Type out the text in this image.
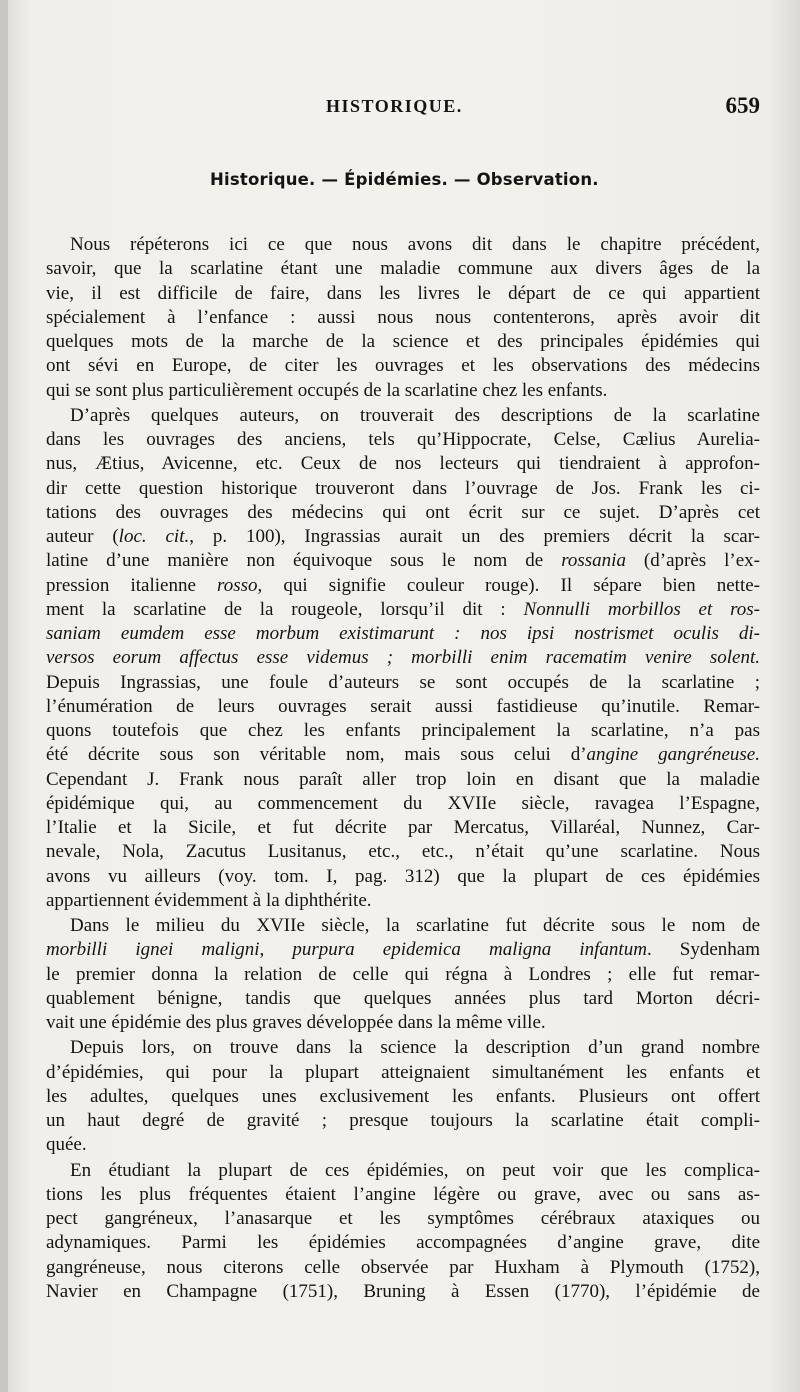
HISTORIQUE.	659
Historique. — Épidémies. — Observation.
Nous répéterons ici ce que nous avons dit dans le chapitre précédent,
savoir, que la scarlatine étant une maladie commune aux divers âges de la
vie, il est difficile de faire, dans les livres le départ de ce qui appartient
spécialement à l’enfance : aussi nous nous contenterons, après avoir dit
quelques mots de la marche de la science et des principales épidémies qui
ont sévi en Europe, de citer les ouvrages et les observations des médecins
qui se sont plus particulièrement occupés de la scarlatine chez les enfants.
D’après quelques auteurs, on trouverait des descriptions de la scarlatine
dans les ouvrages des anciens, tels qu’Hippocrate, Celse, Cælius Aurelia-
nus, Ætius, Avicenne, etc. Ceux de nos lecteurs qui tiendraient à approfon-
dir cette question historique trouveront dans l’ouvrage de Jos. Frank les ci-
tations des ouvrages des médecins qui ont écrit sur ce sujet. D’après cet
auteur (loc. cit., p. 100), Ingrassias aurait un des premiers décrit la scar-
latine d’une manière non équivoque sous le nom de rossania (d’après l’ex-
pression italienne rosso, qui signifie couleur rouge). Il sépare bien nette-
ment la scarlatine de la rougeole, lorsqu’il dit : Nonnulli morbillos et ros-
saniam eumdem esse morbum existimarunt : nos ipsi nostrismet oculis di-
versos eorum affectus esse videmus ; morbilli enim racematim venire solent.
Depuis Ingrassias, une foule d’auteurs se sont occupés de la scarlatine ;
l’énumération de leurs ouvrages serait aussi fastidieuse qu’inutile. Remar-
quons toutefois que chez les enfants principalement la scarlatine, n’a pas
été décrite sous son véritable nom, mais sous celui d’angine gangréneuse.
Cependant J. Frank nous paraît aller trop loin en disant que la maladie
épidémique qui, au commencement du XVIIe siècle, ravagea l’Espagne,
l’Italie et la Sicile, et fut décrite par Mercatus, Villaréal, Nunnez, Car-
nevale, Nola, Zacutus Lusitanus, etc., etc., n’était qu’une scarlatine. Nous
avons vu ailleurs (voy. tom. I, pag. 312) que la plupart de ces épidémies
appartiennent évidemment à la diphthérite.
Dans le milieu du XVIIe siècle, la scarlatine fut décrite sous le nom de
morbilli ignei maligni, purpura epidemica maligna infantum. Sydenham
le premier donna la relation de celle qui régna à Londres ; elle fut remar-
quablement bénigne, tandis que quelques années plus tard Morton décri-
vait une épidémie des plus graves développée dans la même ville.
Depuis lors, on trouve dans la science la description d’un grand nombre
d’épidémies, qui pour la plupart atteignaient simultanément les enfants et
les adultes, quelques unes exclusivement les enfants. Plusieurs ont offert
un haut degré de gravité ; presque toujours la scarlatine était compli-
quée.
En étudiant la plupart de ces épidémies, on peut voir que les complica-
tions les plus fréquentes étaient l’angine légère ou grave, avec ou sans as-
pect gangréneux, l’anasarque et les symptômes cérébraux ataxiques ou
adynamiques. Parmi les épidémies accompagnées d’angine grave, dite
gangréneuse, nous citerons celle observée par Huxham à Plymouth (1752),
Navier en Champagne (1751), Bruning à Essen (1770), l’épidémie de
